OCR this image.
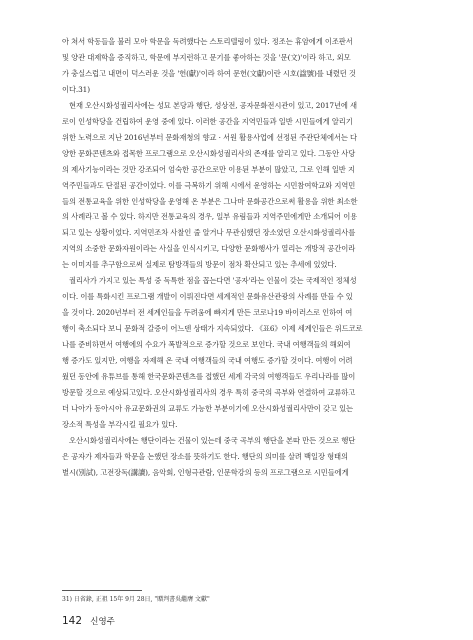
아 쳐서 학동들을 불러 모아 학문을 독려했다는 스토리텔링이 있다. 정조는 휴암에게 이조판서
및 양관 대제학을 증직하고, 학문에 부지런하고 문기를 좋아하는 것을 '문(文)'이라 하고, 외모
가 충실스럽고 내면이 덕스러운 것을 '헌(獻)'이라 하여 문헌(文獻)이란 시호(諡號)를 내렸던 것
이다.31)
현재 오산시화성궐리사에는 성묘 본당과 행단, 성상전, 공자문화전시관이 있고, 2017년에 새
로이 인성학당을 건립하여 운영 중에 있다. 이러한 공간을 지역민들과 일반 시민들에게 알리기
위한 노력으로 지난 2016년부터 문화재청의 향교 · 서원 활용사업에 선정된 주관단체에서는 다
양한 문화콘텐츠와 접목한 프로그램으로 오산시화성궐리사의 존재를 알리고 있다. 그동안 사당
의 제사기능이라는 것만 강조되어 엄숙한 공간으로만 이용된 부분이 많았고, 그로 인해 일반 지
역주민들과도 단절된 공간이었다. 이를 극복하기 위해 시에서 운영하는 시민참여학교와 지역민
들의 전통교육을 위한 인성학당을 운영해 온 부분은 그나마 문화공간으로써 활용을 위한 최소한
의 사례라고 볼 수 있다. 하지만 전통교육의 경우, 일부 유림들과 지역주민에게만 소개되어 이용
되고 있는 상황이었다. 지역민조차 사찰인 줄 알거나 무관심했던 장소였던 오산시화성궐리사를
지역의 소중한 문화자원이라는 사실을 인식시키고, 다양한 문화행사가 열리는 개방적 공간이라
는 이미지를 추구함으로써 실제로 탐방객들의 방문이 점차 확산되고 있는 추세에 있었다.
궐리사가 가지고 있는 특성 중 독특한 점을 꼽는다면 '공자'라는 인물이 갖는 국제적인 정체성
이다. 이를 특화시킨 프로그램 개발이 이뤄진다면 세계적인 문화유산관광의 사례를 만들 수 있
을 것이다. 2020년부터 전 세계인들을 두려움에 빠지게 만든 코로나19 바이러스로 인하여 여
행이 축소되다 보니 문화적 갈증이 어느덴 상태가 지속되었다. 《표6》이제 세계인들은 위드코로
나를 준비하면서 여행에의 수요가 폭발적으로 증가할 것으로 보인다. 국내 여행객들의 해외여
행 증가도 있지만, 여행을 자제해 온 국내 여행객들의 국내 여행도 증가할 것이다. 여행이 어려
웠던 동안에 유튜브를 통해 한국문화콘텐츠를 접했던 세계 각국의 여행객들도 우리나라를 많이
방문할 것으로 예상되고있다. 오산시화성궐리사의 경우 특히 중국의 곡부와 연결하여 교류하고
더 나아가 동아시아 유교문화권의 교류도 가능한 부분이기에 오산시화성궐리사만이 갖고 있는
장소적 특성을 부각시킬 필요가 있다.
오산시화성궐리사에는 행단이라는 건물이 있는데 중국 곡부의 행단을 본따 만든 것으로 행단
은 공자가 제자들과 학문을 논했던 장소를 뜻하기도 한다. 행단의 의미를 살려 백일장 형태의
별시(別試), 고전장독(講讀), 음악회, 인형극관람, 인문학강의 등의 프로그램으로 시민들에게
31) 日省錄, 正祖 15年 9月 28日, "贈判書吳繼膺 文獻"
142 신영주
